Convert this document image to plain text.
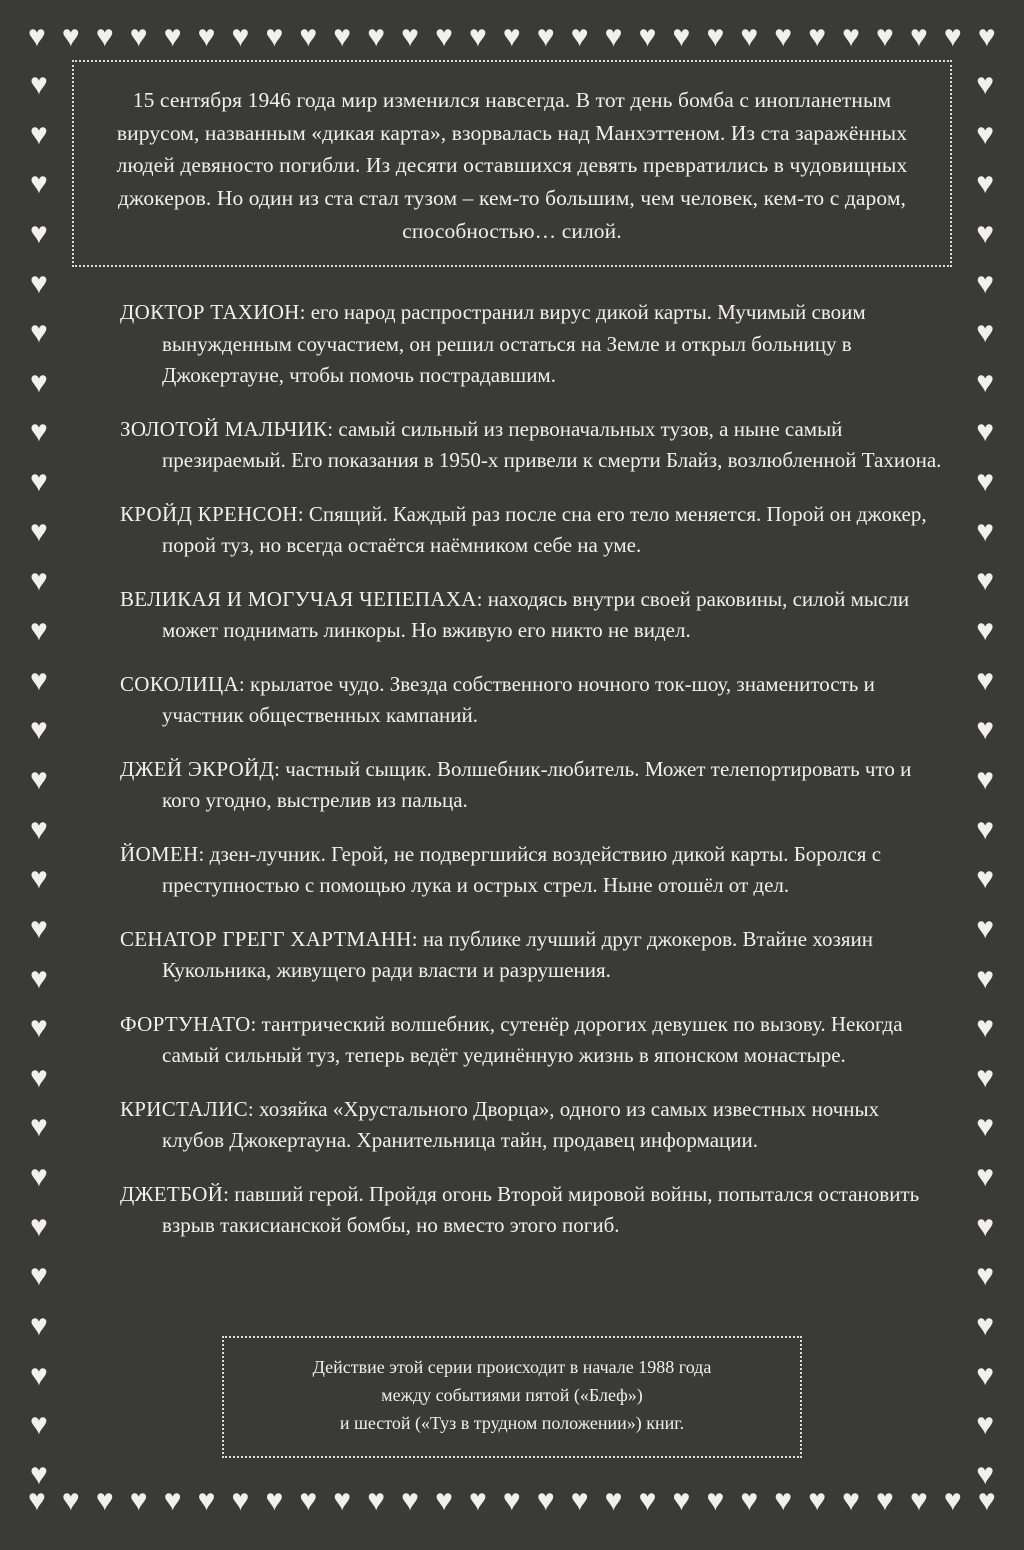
♥ ♥ ♥ ♥ ♥ ♥ ♥ ♥ ♥ ♥ ♥ ♥ ♥ ♥ ♥ ♥ ♥ ♥ ♥ ♥ ♥ ♥ ♥ ♥ ♥ ♥ ♥ ♥ ♥
♥ ♥ ♥ ♥ ♥ ♥ ♥ ♥ ♥ ♥ ♥ ♥ ♥ ♥ ♥ ♥ ♥ ♥ ♥ ♥ ♥ ♥ ♥ ♥ ♥ ♥ ♥ ♥ ♥
♥
♥
♥
♥
♥
♥
♥
♥
♥
♥
♥
♥
♥
♥
♥
♥
♥
♥
♥
♥
♥
♥
♥
♥
♥
♥
♥
♥
♥
♥
♥
♥
♥
♥
♥
♥
♥
♥
♥
♥
♥
♥
♥
♥
♥
♥
♥
♥
♥
♥
♥
♥
♥
♥
♥
♥
♥
♥
15 сентября 1946 года мир изменился навсегда. В тот день бомба с инопланетным вирусом, названным «дикая карта», взорвалась над Манхэттеном. Из ста заражённых людей девяносто погибли. Из десяти оставшихся девять превратились в чудовищных джокеров. Но один из ста стал тузом – кем-то большим, чем человек, кем-то с даром, способностью… силой.
ДОКТОР ТАХИОН: его народ распространил вирус дикой карты. Мучимый своим вынужденным соучастием, он решил остаться на Земле и открыл больницу в Джокертауне, чтобы помочь пострадавшим.
ЗОЛОТОЙ МАЛЬЧИК: самый сильный из первоначальных тузов, а ныне самый презираемый. Его показания в 1950-х привели к смерти Блайз, возлюбленной Тахиона.
КРОЙД КРЕНСОН: Спящий. Каждый раз после сна его тело меняется. Порой он джокер, порой туз, но всегда остаётся наёмником себе на уме.
ВЕЛИКАЯ И МОГУЧАЯ ЧЕПЕПАХА: находясь внутри своей раковины, силой мысли может поднимать линкоры. Но вживую его никто не видел.
СОКОЛИЦА: крылатое чудо. Звезда собственного ночного ток-шоу, знаменитость и участник общественных кампаний.
ДЖЕЙ ЭКРОЙД: частный сыщик. Волшебник-любитель. Может телепортировать что и кого угодно, выстрелив из пальца.
ЙОМЕН: дзен-лучник. Герой, не подвергшийся воздействию дикой карты. Боролся с преступностью с помощью лука и острых стрел. Ныне отошёл от дел.
СЕНАТОР ГРЕГГ ХАРТМАНН: на публике лучший друг джокеров. Втайне хозяин Кукольника, живущего ради власти и разрушения.
ФОРТУНАТО: тантрический волшебник, сутенёр дорогих девушек по вызову. Некогда самый сильный туз, теперь ведёт уединённую жизнь в японском монастыре.
КРИСТАЛИС: хозяйка «Хрустального Дворца», одного из самых известных ночных клубов Джокертауна. Хранительница тайн, продавец информации.
ДЖЕТБОЙ: павший герой. Пройдя огонь Второй мировой войны, попытался остановить взрыв такисианской бомбы, но вместо этого погиб.
Действие этой серии происходит в начале 1988 года
между событиями пятой («Блеф»)
и шестой («Туз в трудном положении») книг.
